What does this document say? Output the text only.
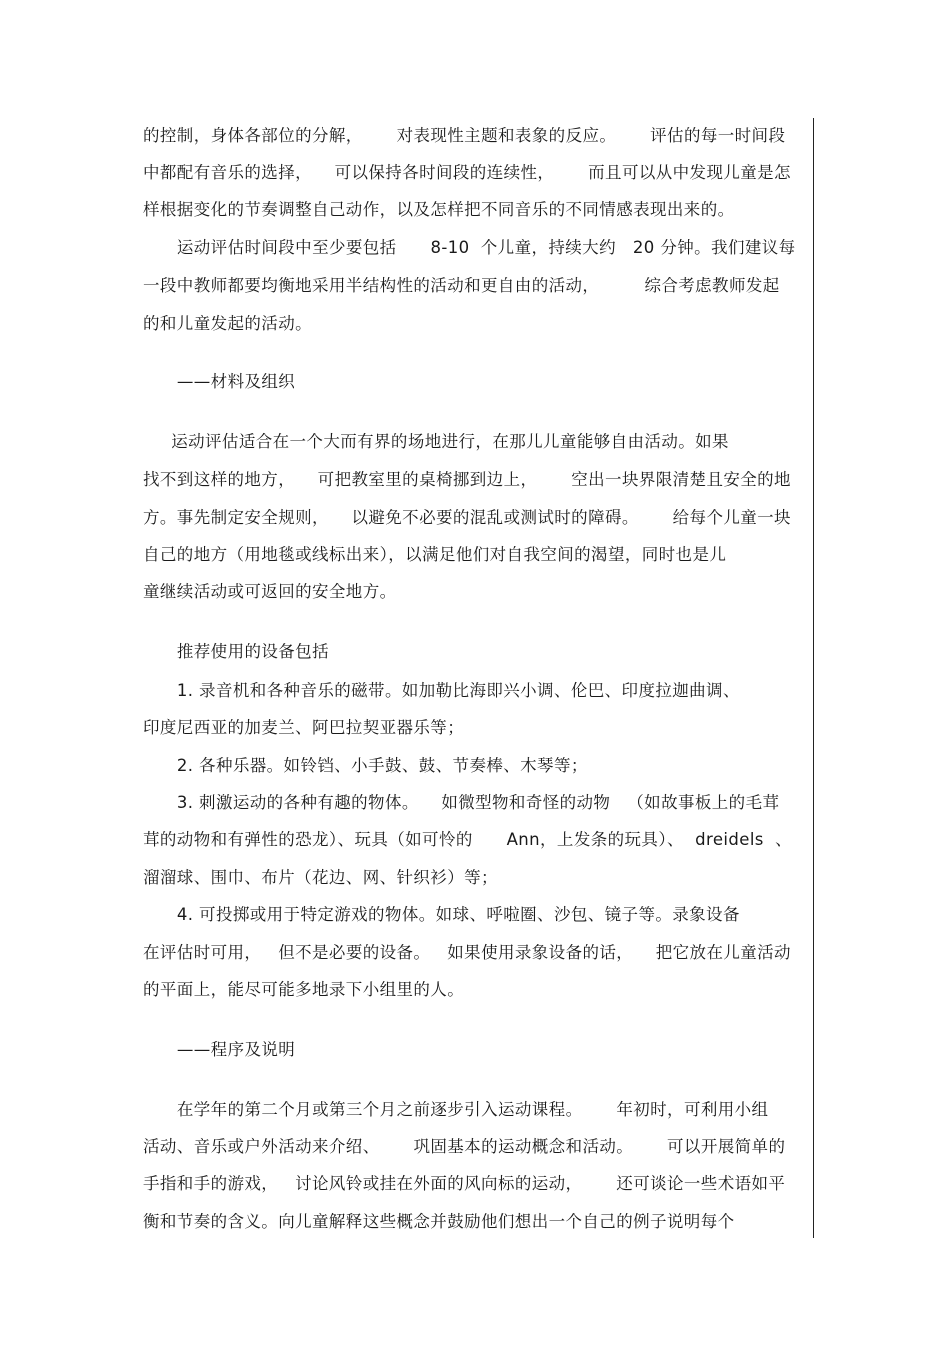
的控制，身体各部位的分解，      对表现性主题和表象的反应。      评估的每一时间段
中都配有音乐的选择，    可以保持各时间段的连续性，      而且可以从中发现儿童是怎
样根据变化的节奏调整自己动作，以及怎样把不同音乐的不同情感表现出来的。
运动评估时间段中至少要包括      8-10  个儿童，持续大约   20 分钟。我们建议每
一段中教师都要均衡地采用半结构性的活动和更自由的活动，        综合考虑教师发起
的和儿童发起的活动。
——材料及组织
运动评估适合在一个大而有界的场地进行，在那儿儿童能够自由活动。如果
找不到这样的地方，    可把教室里的桌椅挪到边上，      空出一块界限清楚且安全的地
方。事先制定安全规则，    以避免不必要的混乱或测试时的障碍。      给每个儿童一块
自己的地方（用地毯或线标出来），以满足他们对自我空间的渴望，同时也是儿
童继续活动或可返回的安全地方。
推荐使用的设备包括
1. 录音机和各种音乐的磁带。如加勒比海即兴小调、伦巴、印度拉迦曲调、
印度尼西亚的加麦兰、阿巴拉契亚器乐等；
2. 各种乐器。如铃铛、小手鼓、鼓、节奏棒、木琴等；
3. 刺激运动的各种有趣的物体。    如微型物和奇怪的动物   （如故事板上的毛茸
茸的动物和有弹性的恐龙）、玩具（如可怜的      Ann，上发条的玩具）、  dreidels  、
溜溜球、围巾、布片（花边、网、针织衫）等；
4. 可投掷或用于特定游戏的物体。如球、呼啦圈、沙包、镜子等。录象设备
在评估时可用，   但不是必要的设备。   如果使用录象设备的话，    把它放在儿童活动
的平面上，能尽可能多地录下小组里的人。
——程序及说明
在学年的第二个月或第三个月之前逐步引入运动课程。      年初时，可利用小组
活动、音乐或户外活动来介绍、      巩固基本的运动概念和活动。      可以开展简单的
手指和手的游戏，   讨论风铃或挂在外面的风向标的运动，      还可谈论一些术语如平
衡和节奏的含义。向儿童解释这些概念并鼓励他们想出一个自己的例子说明每个
